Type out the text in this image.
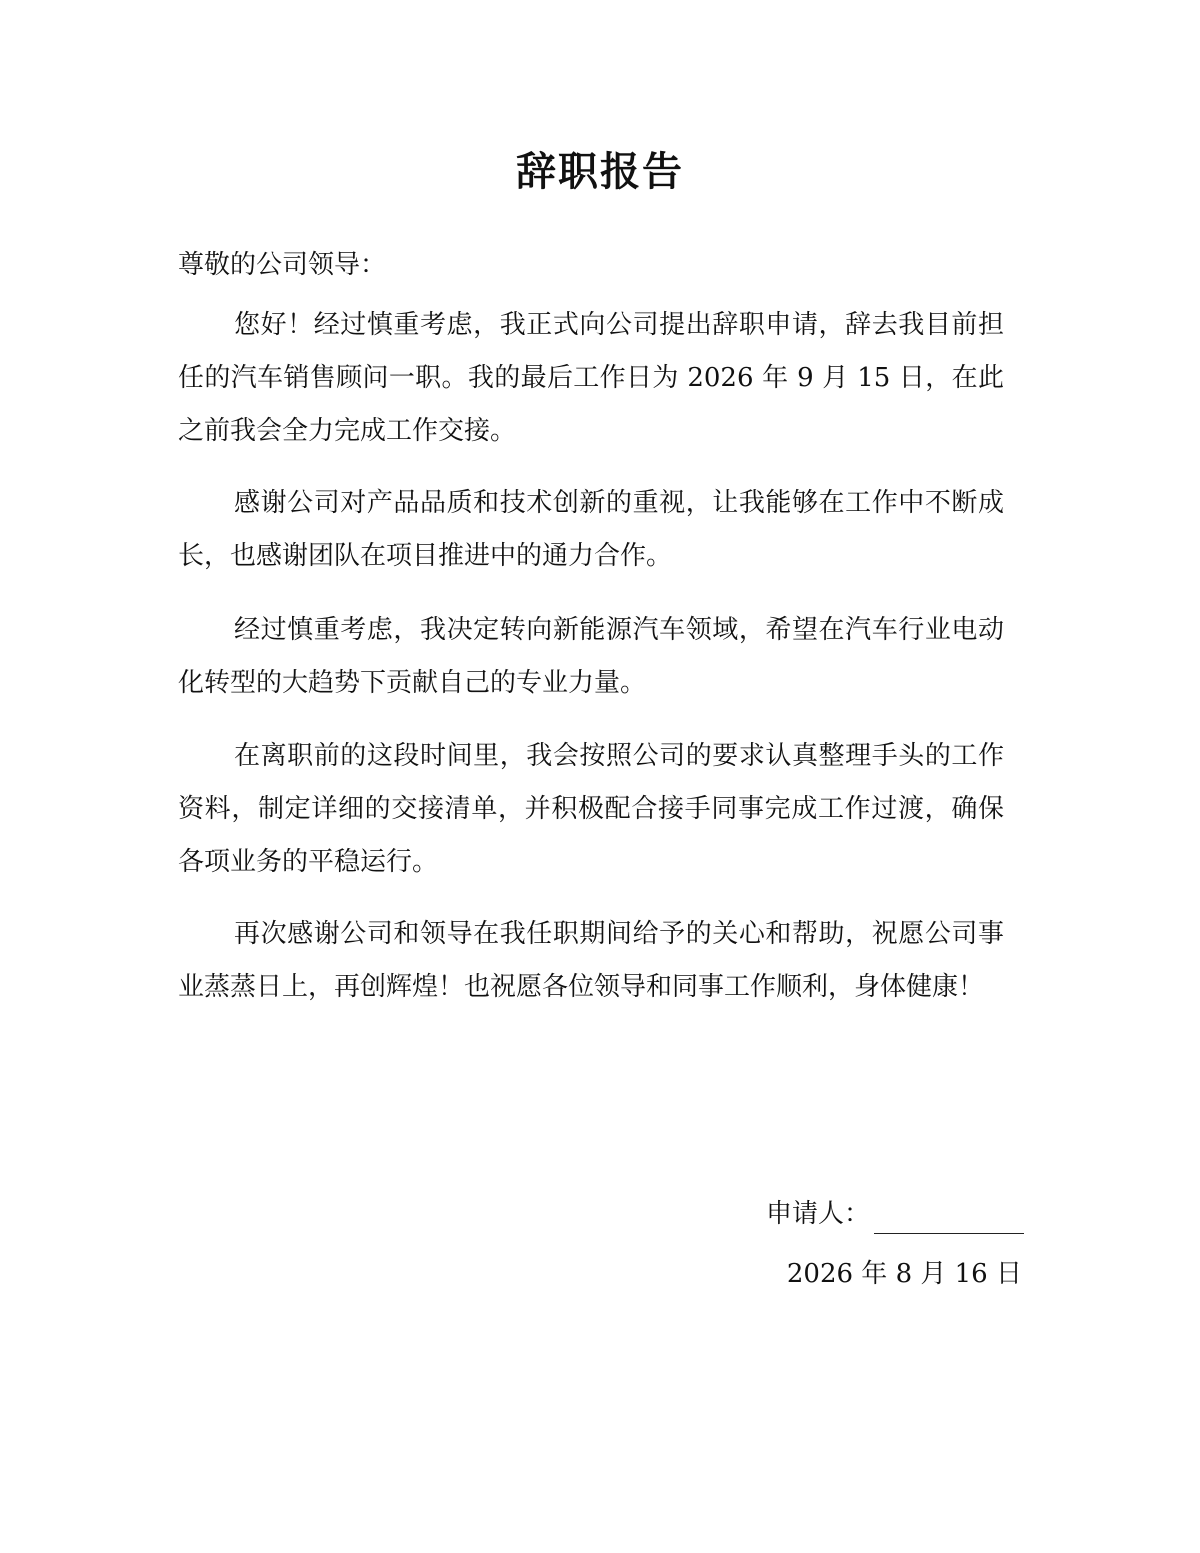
辞职报告
尊敬的公司领导：

您好！经过慎重考虑，我正式向公司提出辞职申请，辞去我目前担任的汽车销售顾问一职。我的最后工作日为 2026 年 9 月 15 日，在此之前我会全力完成工作交接。

感谢公司对产品品质和技术创新的重视，让我能够在工作中不断成长，也感谢团队在项目推进中的通力合作。

经过慎重考虑，我决定转向新能源汽车领域，希望在汽车行业电动化转型的大趋势下贡献自己的专业力量。

在离职前的这段时间里，我会按照公司的要求认真整理手头的工作资料，制定详细的交接清单，并积极配合接手同事完成工作过渡，确保各项业务的平稳运行。

再次感谢公司和领导在我任职期间给予的关心和帮助，祝愿公司事业蒸蒸日上，再创辉煌！也祝愿各位领导和同事工作顺利，身体健康！

申请人：
2026 年 8 月 16 日
